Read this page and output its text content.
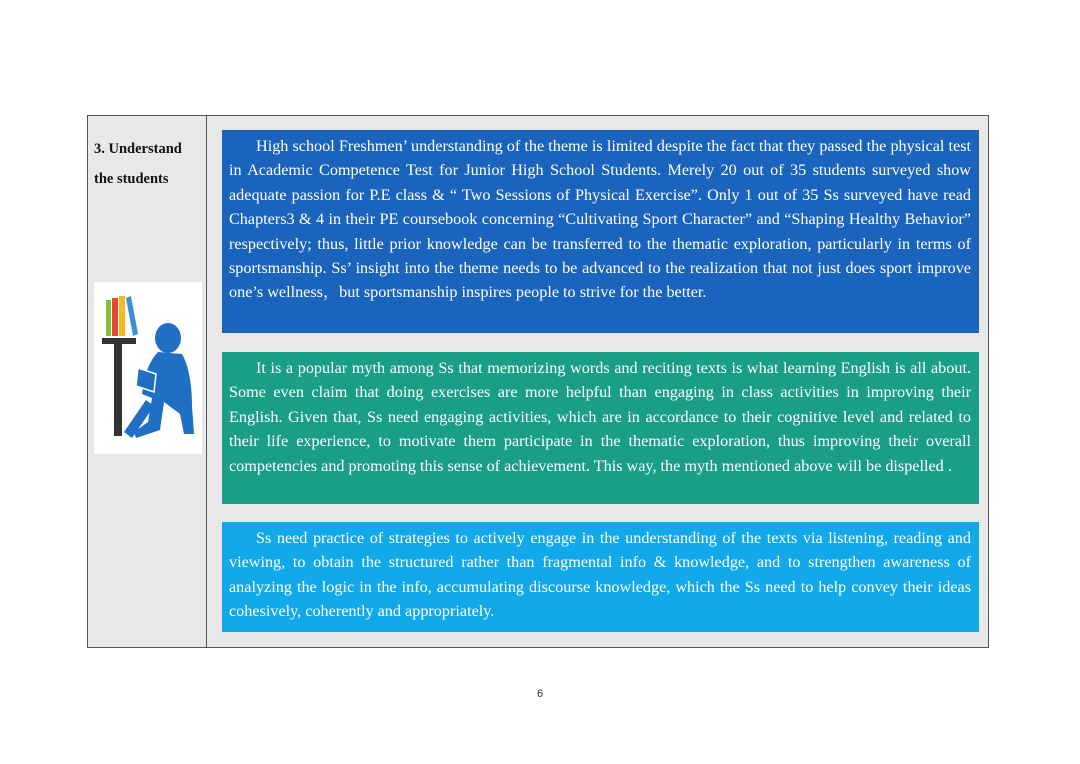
3. Understand
the students

High school Freshmen’ understanding of the theme is limited despite the fact that they passed the physical test in Academic Competence Test for Junior High School Students. Merely 20 out of 35 students surveyed show adequate passion for P.E class & “ Two Sessions of Physical Exercise”. Only 1 out of 35 Ss surveyed have read Chapters3 & 4 in their PE coursebook concerning “Cultivating Sport Character” and “Shaping Healthy Behavior” respectively; thus, little prior knowledge can be transferred to the thematic exploration, particularly in terms of sportsmanship. Ss’ insight into the theme needs to be advanced to the realization that not just does sport improve one’s wellness，but sportsmanship inspires people to strive for the better.

It is a popular myth among Ss that memorizing words and reciting texts is what learning English is all about. Some even claim that doing exercises are more helpful than engaging in class activities in improving their English. Given that, Ss need engaging activities, which are in accordance to their cognitive level and related to their life experience, to motivate them participate in the thematic exploration, thus improving their overall competencies and promoting this sense of achievement. This way, the myth mentioned above will be dispelled .

Ss need practice of strategies to actively engage in the understanding of the texts via listening, reading and viewing, to obtain the structured rather than fragmental info & knowledge, and to strengthen awareness of analyzing the logic in the info, accumulating discourse knowledge, which the Ss need to help convey their ideas cohesively, coherently and appropriately.

6
